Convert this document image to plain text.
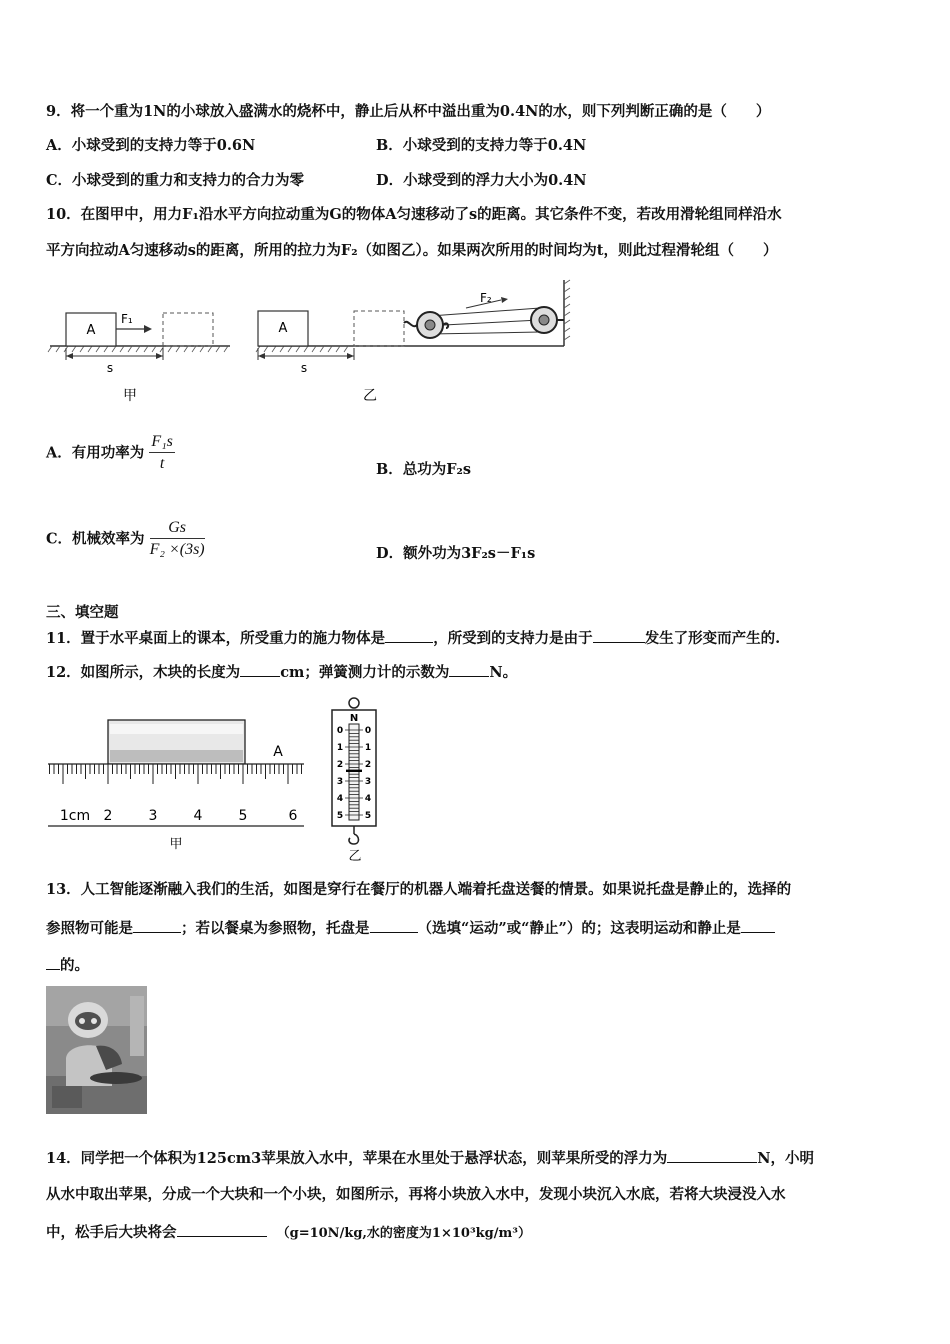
9．将一个重为1N的小球放入盛满水的烧杯中，静止后从杯中溢出重为0.4N的水，则下列判断正确的是（　　）
A．小球受到的支持力等于0.6N	B．小球受到的支持力等于0.4N
C．小球受到的重力和支持力的合力为零	D．小球受到的浮力大小为0.4N
10．在图甲中，用力F₁沿水平方向拉动重为G的物体A匀速移动了s的距离。其它条件不变，若改用滑轮组同样沿水
平方向拉动A匀速移动s的距离，所用的拉力为F₂（如图乙）。如果两次所用的时间均为t，则此过程滑轮组（　　）
A
F₁
s
甲
A
s
F₂
乙
A．有用功率为 $\frac{\text{F₁s}}{t}$	B．总功为F₂s
C．机械效率为 $\frac{Gs}{\text{F₂ ×(3s)}}$	D．额外功为3F₂s－F₁s
三、填空题
11．置于水平桌面上的课本，所受重力的施力物体是	，所受到的支持力是由于	发生了形变而产生的.
12．如图所示，木块的长度为	cm；弹簧测力计的示数为	N。
1cm 2	3	4	5	6
A
甲
N
0 0
1 1
2 2
3 3
4 4
5 5
乙
13．人工智能逐渐融入我们的生活，如图是穿行在餐厅的机器人端着托盘送餐的情景。如果说托盘是静止的，选择的
参照物可能是	；若以餐桌为参照物，托盘是	（选填“运动”或“静止”）的；这表明运动和静止是
的。
14．同学把一个体积为125cm3苹果放入水中，苹果在水里处于悬浮状态，则苹果所受的浮力为	N，小明
从水中取出苹果，分成一个大块和一个小块，如图所示，再将小块放入水中，发现小块沉入水底，若将大块浸没入水
中，松手后大块将会	（g=10N/kg,水的密度为1×10³kg/m³）
